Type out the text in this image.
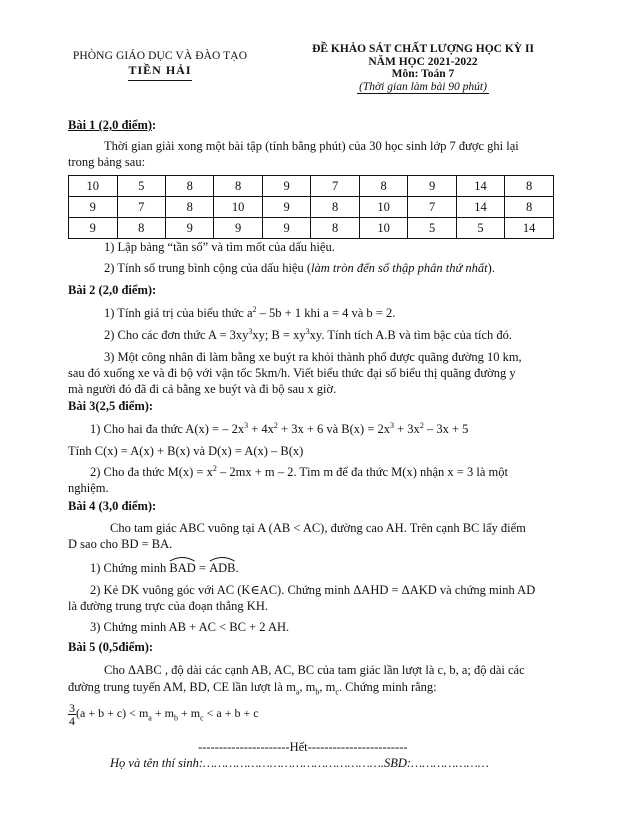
PHÒNG GIÁO DỤC VÀ ĐÀO TẠO
TIỀN HẢI
ĐỀ KHẢO SÁT CHẤT LƯỢNG HỌC KỲ II
NĂM HỌC 2021-2022
Môn: Toán 7
(Thời gian làm bài 90 phút)
Bài 1 (2,0 điểm):
Thời gian giải xong một bài tập (tính bằng phút) của 30 học sinh lớp 7 được ghi lại
trong bảng sau:
10	5	8	8	9	7	8	9	14	8
9	7	8	10	9	8	10	7	14	8
9	8	9	9	9	8	10	5	5	14
1) Lập bảng “tần số” và tìm mốt của dấu hiệu.
2) Tính số trung bình cộng của dấu hiệu (làm tròn đến số thập phân thứ nhất).
Bài 2 (2,0 điểm):
1) Tính giá trị của biểu thức $a^2 - 5b + 1$ khi a = 4 và b = 2.
2) Cho các đơn thức $A = 3xy^3xy$; $B = xy^3xy$. Tính tích A.B và tìm bậc của tích đó.
3) Một công nhân đi làm bằng xe buýt ra khỏi thành phố được quãng đường 10 km,
sau đó xuống xe và đi bộ với vận tốc 5km/h. Viết biểu thức đại số biểu thị quãng đường y
mà người đó đã đi cả bằng xe buýt và đi bộ sau x giờ.
Bài 3(2,5 điểm):
1) Cho hai đa thức A(x) = – $2x^3 + 4x^2 + 3x + 6$ và $B(x) = 2x^3 + 3x^2 - 3x + 5$
Tính C(x) = A(x) + B(x) và D(x) = A(x) – B(x)
2) Cho đa thức $M(x) = x^2 - 2mx + m - 2$. Tìm m để đa thức M(x) nhận x = 3 là một
nghiệm.
Bài 4 (3,0 điểm):
Cho tam giác ABC vuông tại A (AB < AC), đường cao AH. Trên cạnh BC lấy điểm
D sao cho BD = BA.
1) Chứng minh
BAD =
ADB.
2) Kẻ DK vuông góc với AC (K∈AC). Chứng minh ΔAHD = ΔAKD và chứng minh AD
là đường trung trực của đoạn thẳng KH.
3) Chứng minh AB + AC < BC + 2 AH.
Bài 5 (0,5điểm):
Cho ΔABC , độ dài các cạnh AB, AC, BC của tam giác lần lượt là c, b, a; độ dài các
đường trung tuyến AM, BD, CE lần lượt là $m_a$, $m_b$, $m_c$. Chứng minh rằng:
$\frac{3}{4} (a + b + c) < m_a + m_b + m_c < a + b + c$
----------------------Hết------------------------
Họ và tên thí sinh:………………………………………….SBD:…………………
